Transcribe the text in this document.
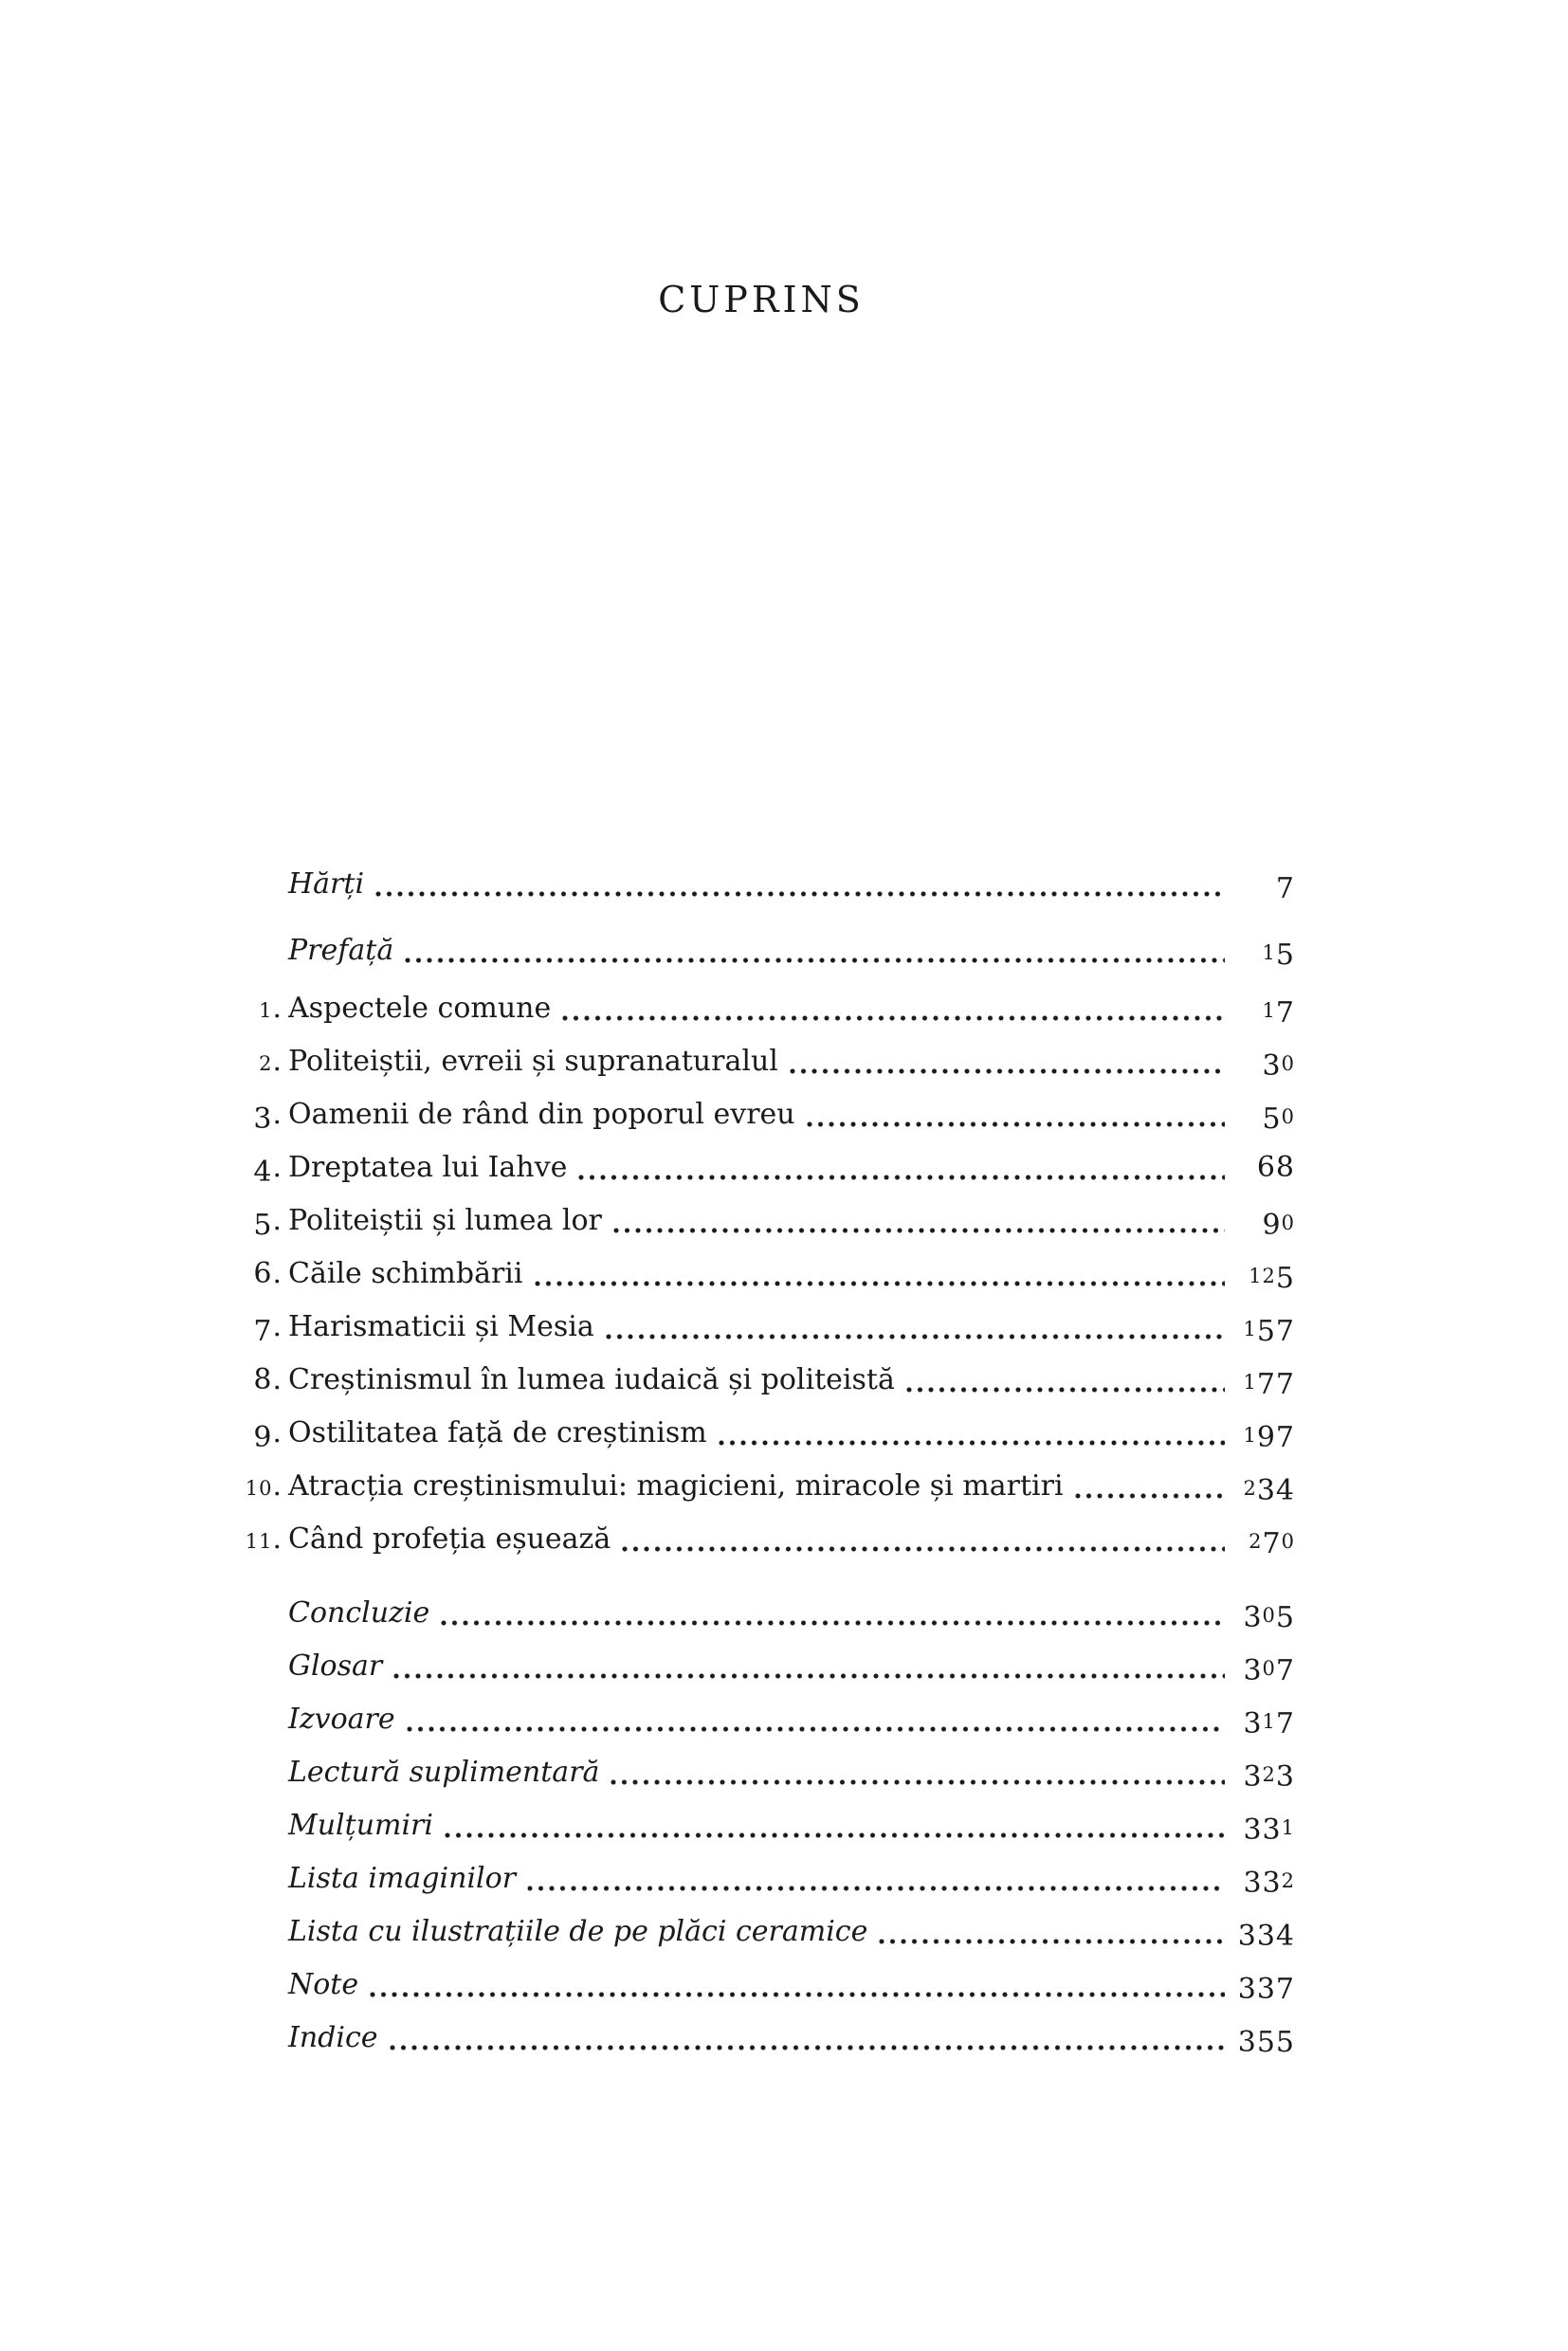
CUPRINS
Hărți	7
Prefață	15
1. Aspectele comune	17
2. Politeiștii, evreii și supranaturalul	30
3. Oamenii de rând din poporul evreu	50
4. Dreptatea lui Iahve	68
5. Politeiștii și lumea lor	90
6. Căile schimbării	125
7. Harismaticii și Mesia	157
8. Creștinismul în lumea iudaică și politeistă	177
9. Ostilitatea față de creștinism	197
10. Atracția creștinismului: magicieni, miracole și martiri	234
11. Când profeția eșuează	270
Concluzie	305
Glosar	307
Izvoare	317
Lectură suplimentară	323
Mulțumiri	331
Lista imaginilor	332
Lista cu ilustrațiile de pe plăci ceramice	334
Note	337
Indice	355
